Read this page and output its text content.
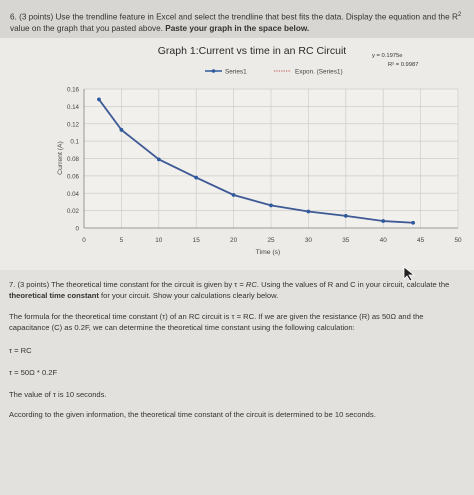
6. (3 points) Use the trendline feature in Excel and select the trendline that best fits the data. Display the equation and the $R^2$ value on the graph that you pasted above. Paste your graph in the space below.
0
0.02
0.04
0.06
0.08
0.1
0.12
0.14
0.16
0	5	10	15	20	25	30	35	40	45	50
Graph 1:Current vs time in an RC Circuit
Time (s)
Current (A)
Series1	Expon. (Series1)
y = 0.1975e
R² = 0.9987

7. (3 points) The theoretical time constant for the circuit is given by τ = RC. Using the values of R and C in your circuit, calculate the theoretical time constant for your circuit. Show your calculations clearly below.

The formula for the theoretical time constant (τ) of an RC circuit is τ = RC. If we are given the resistance (R) as 50Ω and the capacitance (C) as 0.2F, we can determine the theoretical time constant using the following calculation:

τ = RC

τ = 50Ω * 0.2F

The value of τ is 10 seconds.

According to the given information, the theoretical time constant of the circuit is determined to be 10 seconds.
